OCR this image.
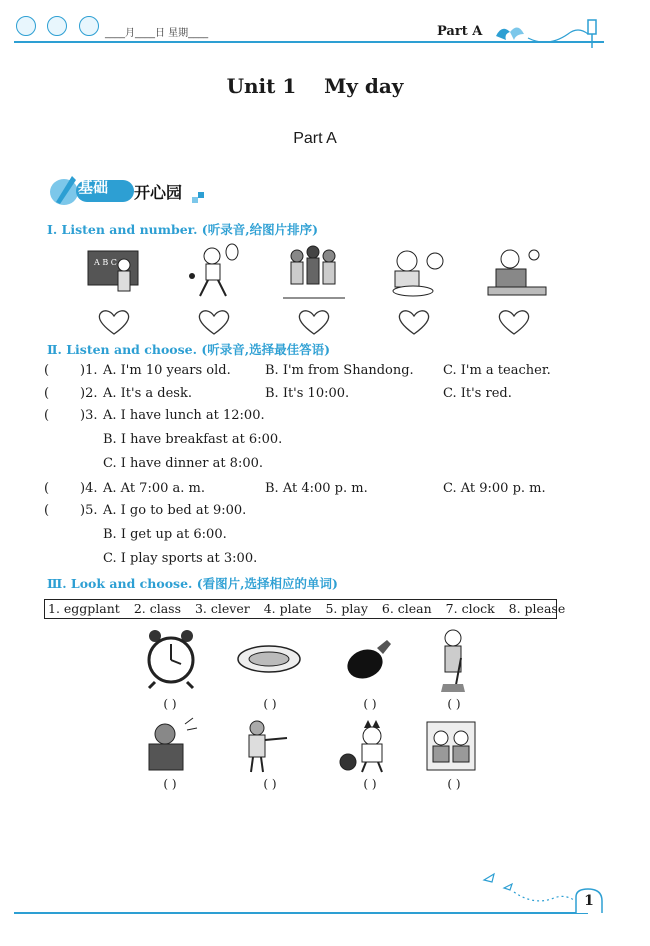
____月____日 星期____	Part A
Unit 1    My day
Part A
基础 开心园
Ⅰ. Listen and number. (听录音,给图片排序)
A B C
Ⅱ. Listen and choose. (听录音,选择最佳答语)
( )1. A. I'm 10 years old.	B. I'm from Shandong. C. I'm a teacher.
( )2. A. It's a desk.	B. It's 10:00.	C. It's red.
( )3. A. I have lunch at 12:00.
B. I have breakfast at 6:00.
C. I have dinner at 8:00.
( )4. A. At 7:00 a. m.	B. At 4:00 p. m.	C. At 9:00 p. m.
( )5. A. I go to bed at 9:00.
B. I get up at 6:00.
C. I play sports at 3:00.
Ⅲ. Look and choose. (看图片,选择相应的单词)
1. eggplant 2. class 3. clever 4. plate 5. play 6. clean 7. clock 8. please
( )	( )	( )	( )
( )	( )	( )	( )
1
